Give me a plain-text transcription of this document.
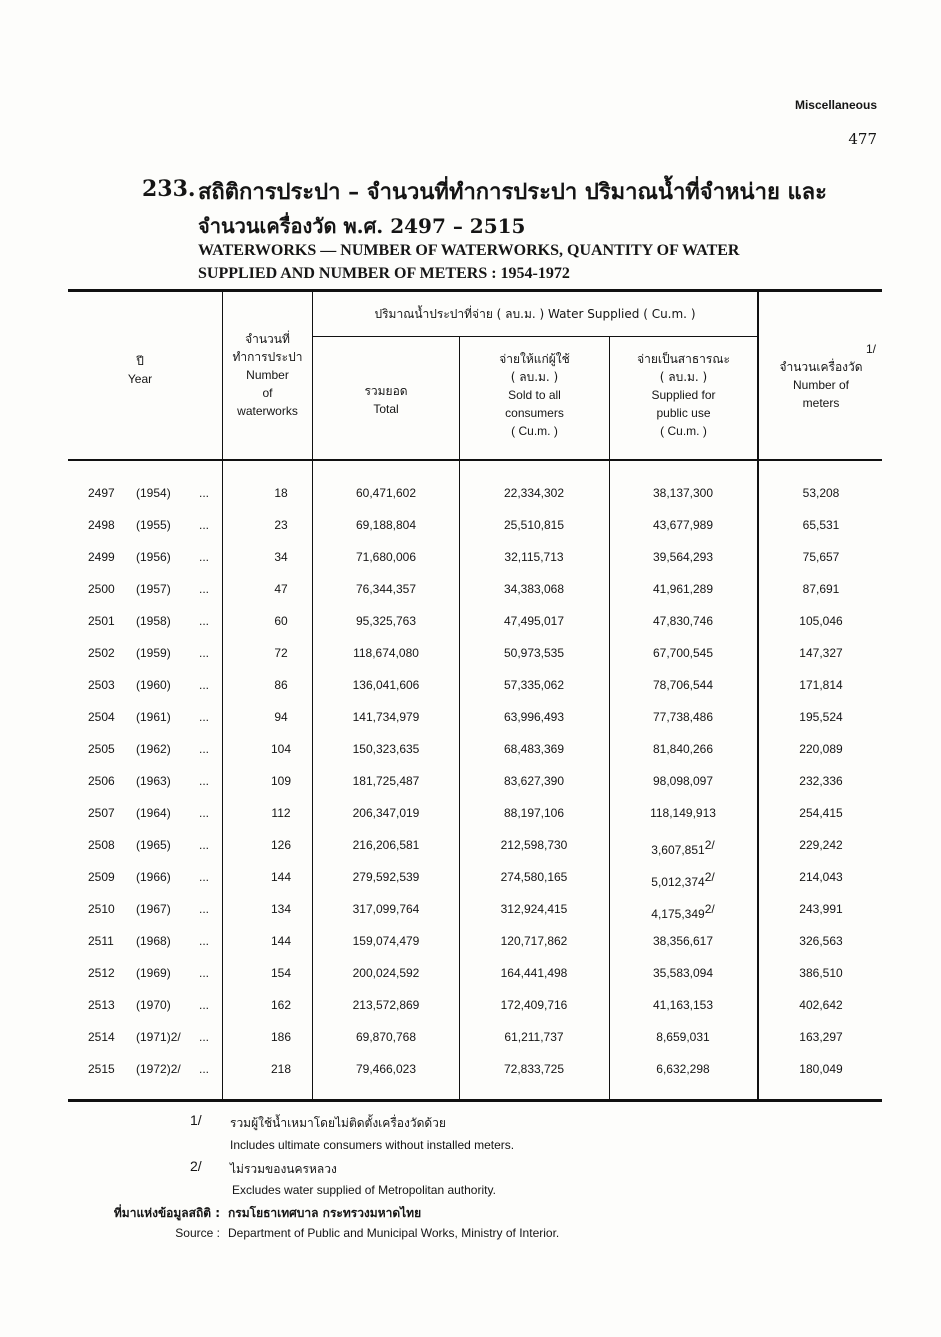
Miscellaneous
477
233. สถิติการประปา – จำนวนที่ทำการประปา ปริมาณน้ำที่จำหน่าย และ
จำนวนเครื่องวัด พ.ศ. 2497 – 2515
WATERWORKS — NUMBER OF WATERWORKS, QUANTITY OF WATER
SUPPLIED AND NUMBER OF METERS : 1954-1972
ปี
Year
จำนวนที่
ทำการประปา
Number
of
waterworks
ปริมาณน้ำประปาที่จ่าย ( ลบ.ม. ) Water Supplied ( Cu.m. )
รวมยอด
Total
จ่ายให้แก่ผู้ใช้
( ลบ.ม. )
Sold to all
consumers
( Cu.m. )
จ่ายเป็นสาธารณะ
( ลบ.ม. )
Supplied for
public use
( Cu.m. )
1/
จำนวนเครื่องวัด
Number of
meters
2497	(1954)	...	18	60,471,602	22,334,302	38,137,300	53,208
2498	(1955)	...	23	69,188,804	25,510,815	43,677,989	65,531
2499	(1956)	...	34	71,680,006	32,115,713	39,564,293	75,657
2500	(1957)	...	47	76,344,357	34,383,068	41,961,289	87,691
2501	(1958)	...	60	95,325,763	47,495,017	47,830,746	105,046
2502	(1959)	...	72	118,674,080	50,973,535	67,700,545	147,327
2503	(1960)	...	86	136,041,606	57,335,062	78,706,544	171,814
2504	(1961)	...	94	141,734,979	63,996,493	77,738,486	195,524
2505	(1962)	...	104	150,323,635	68,483,369	81,840,266	220,089
2506	(1963)	...	109	181,725,487	83,627,390	98,098,097	232,336
2507	(1964)	...	112	206,347,019	88,197,106	118,149,913	254,415
2508	(1965)	...	126	216,206,581	212,598,730	$3,607,851^{2/}$	229,242
2509	(1966)	...	144	279,592,539	274,580,165	$5,012,374^{2/}$	214,043
2510	(1967)	...	134	317,099,764	312,924,415	$4,175,349^{2/}$	243,991
2511	(1968)	...	144	159,074,479	120,717,862	38,356,617	326,563
2512	(1969)	...	154	200,024,592	164,441,498	35,583,094	386,510
2513	(1970)	...	162	213,572,869	172,409,716	41,163,153	402,642
2514	(1971)2/	...	186	69,870,768	61,211,737	8,659,031	163,297
2515	(1972)2/	...	218	79,466,023	72,833,725	6,632,298	180,049
1/ รวมผู้ใช้น้ำเหมาโดยไม่ติดตั้งเครื่องวัดด้วย
Includes ultimate consumers without installed meters.
2/ ไม่รวมของนครหลวง
Excludes water supplied of Metropolitan authority.
ที่มาแห่งข้อมูลสถิติ : กรมโยธาเทศบาล กระทรวงมหาดไทย
Source : Department of Public and Municipal Works, Ministry of Interior.
